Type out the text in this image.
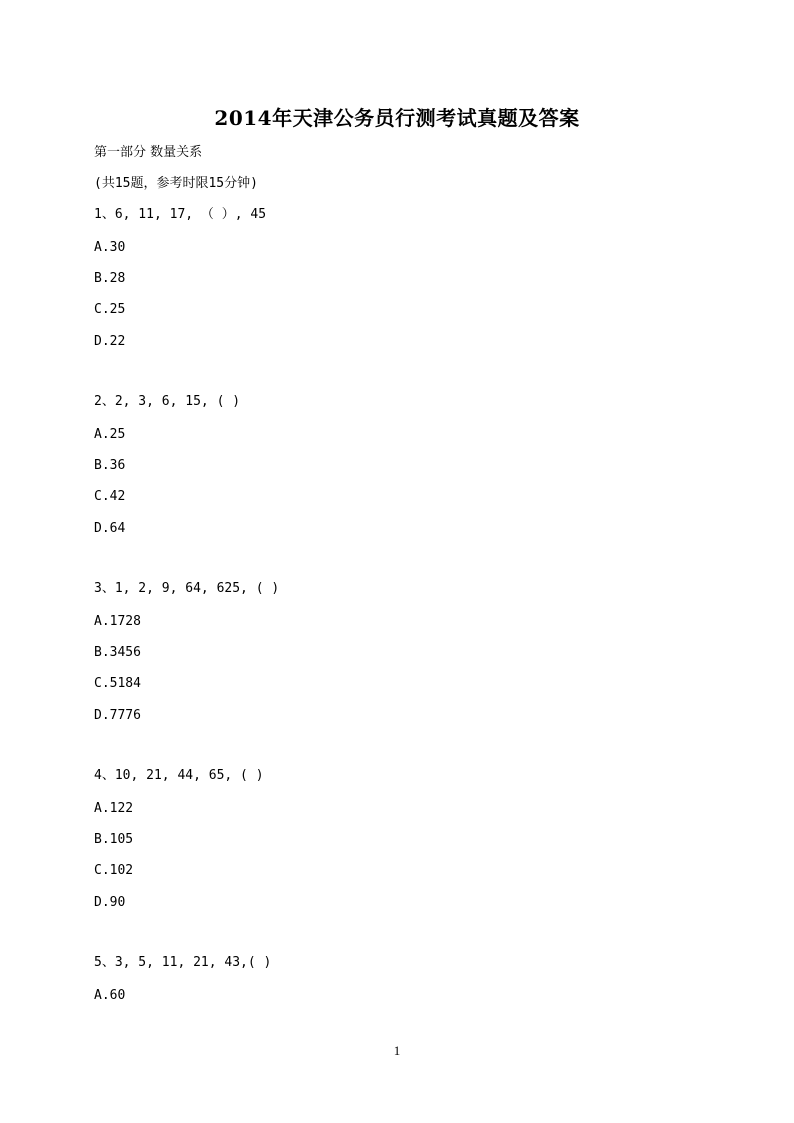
2014年天津公务员行测考试真题及答案
第一部分 数量关系
(共15题，参考时限15分钟)
1、6, 11, 17, （ ）, 45
A.30
B.28
C.25
D.22
2、2, 3, 6, 15, ( )
A.25
B.36
C.42
D.64
3、1, 2, 9, 64, 625, ( )
A.1728
B.3456
C.5184
D.7776
4、10, 21, 44, 65, ( )
A.122
B.105
C.102
D.90
5、3, 5, 11, 21, 43,( )
A.60
1
